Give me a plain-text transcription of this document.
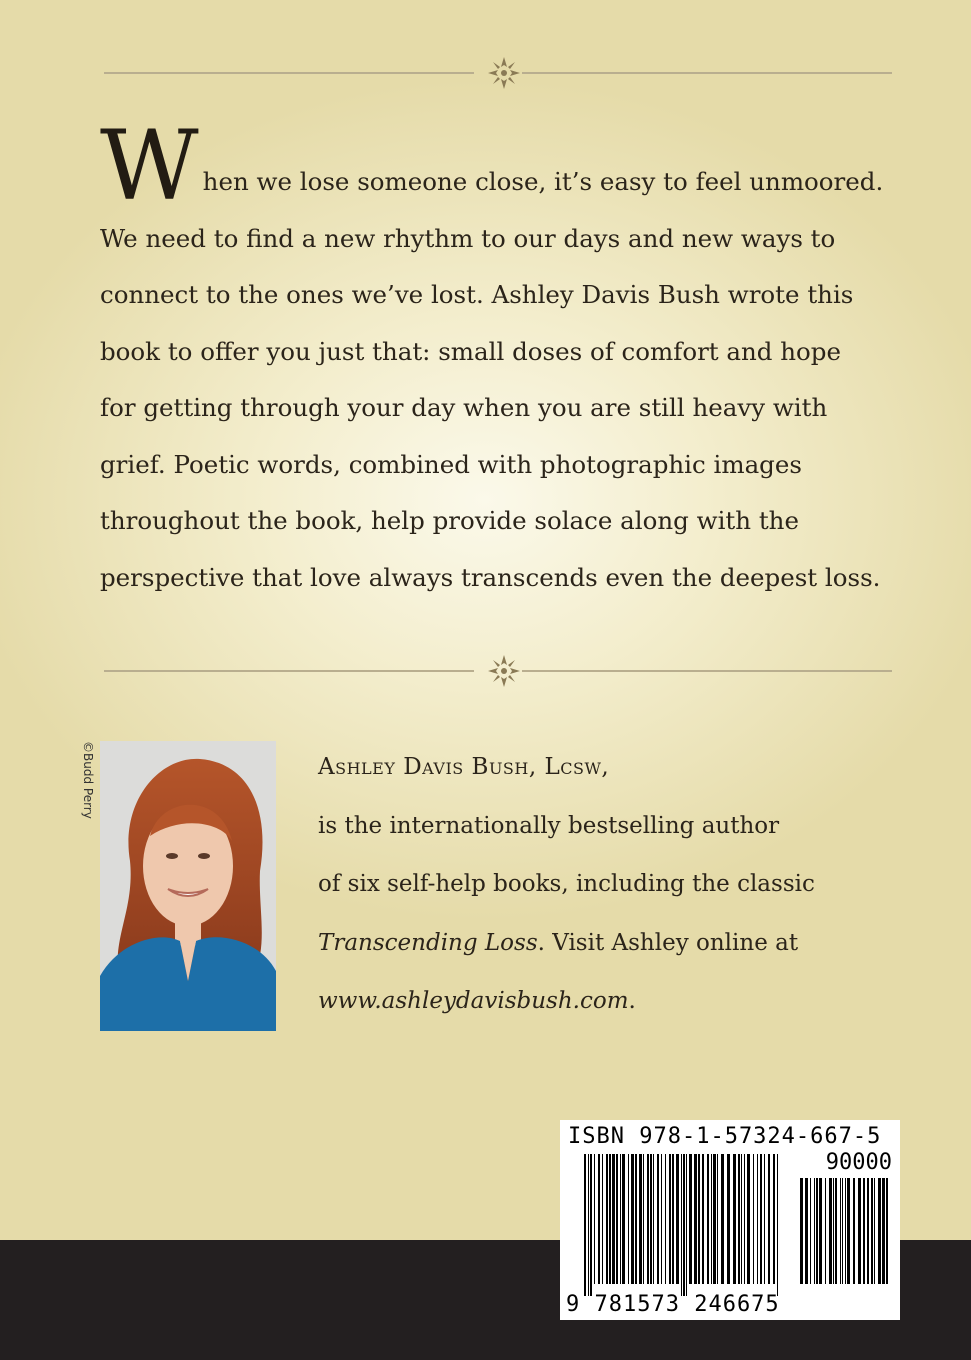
W hen we lose someone close, it’s easy to feel unmoored.
We need to find a new rhythm to our days and new ways to
connect to the ones we’ve lost. Ashley Davis Bush wrote this
book to offer you just that: small doses of comfort and hope
for getting through your day when you are still heavy with
grief. Poetic words, combined with photographic images
throughout the book, help provide solace along with the
perspective that love always transcends even the deepest loss.
©Budd Perry	Ashley Davis Bush, Lcsw,
is the internationally bestselling author
of six self-help books, including the classic
Transcending Loss. Visit Ashley online at
www.ashleydavisbush.com.
ISBN 978-1-57324-667-5
90000
9 781573 246675
